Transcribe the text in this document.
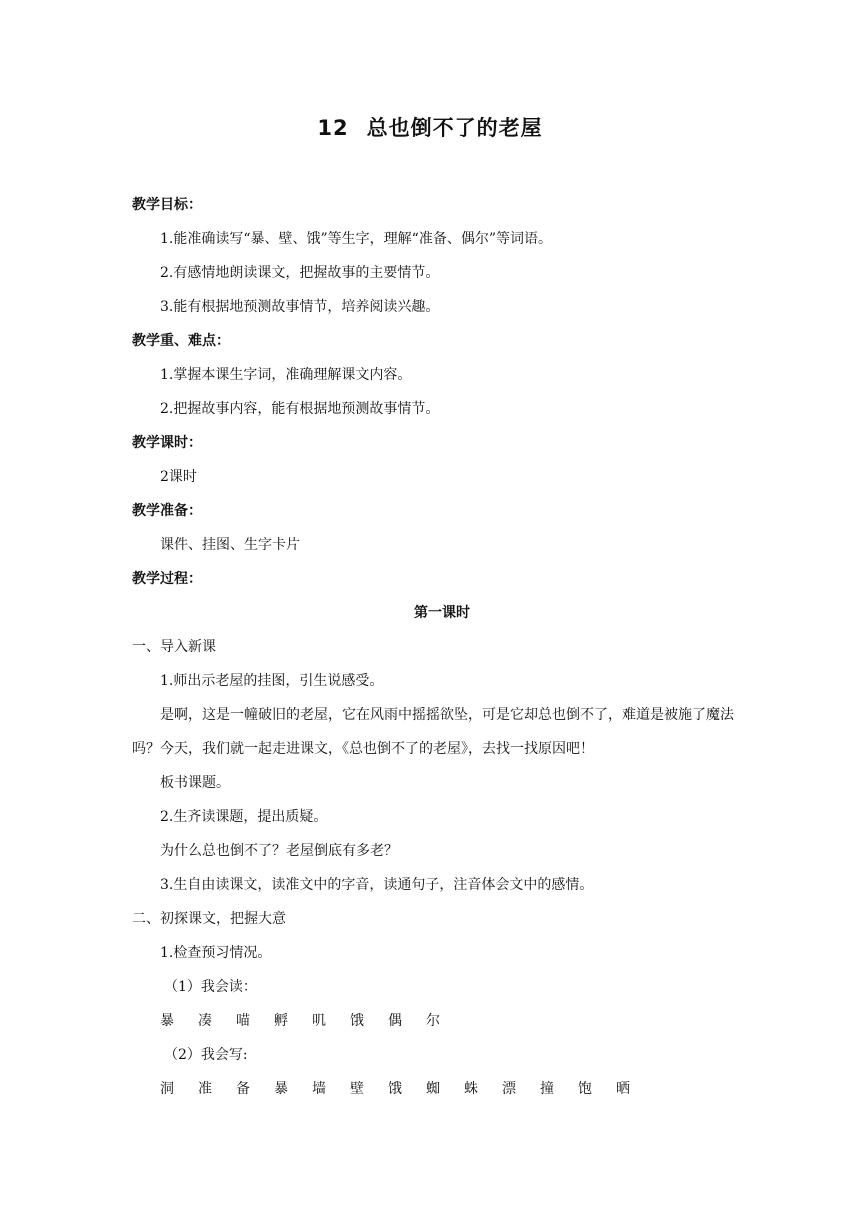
12 总也倒不了的老屋
教学目标：
1.能准确读写“暴、壁、饿”等生字，理解“准备、偶尔”等词语。
2.有感情地朗读课文，把握故事的主要情节。
3.能有根据地预测故事情节，培养阅读兴趣。
教学重、难点：
1.掌握本课生字词，准确理解课文内容。
2.把握故事内容，能有根据地预测故事情节。
教学课时：
2课时
教学准备：
课件、挂图、生字卡片
教学过程：
第一课时
一、导入新课
1.师出示老屋的挂图，引生说感受。
是啊，这是一幢破旧的老屋，它在风雨中摇摇欲坠，可是它却总也倒不了，难道是被施了魔法吗？今天，我们就一起走进课文，《总也倒不了的老屋》，去找一找原因吧！
板书课题。
2.生齐读课题，提出质疑。
为什么总也倒不了？老屋倒底有多老？
3.生自由读课文，读准文中的字音，读通句子，注音体会文中的感情。
二、初探课文，把握大意
1.检查预习情况。
（1）我会读：
暴	凑	喵	孵	叽	饿	偶	尔
（2）我会写:
洞	准	备	暴	墙	壁	饿	蜘	蛛	漂	撞	饱	晒
